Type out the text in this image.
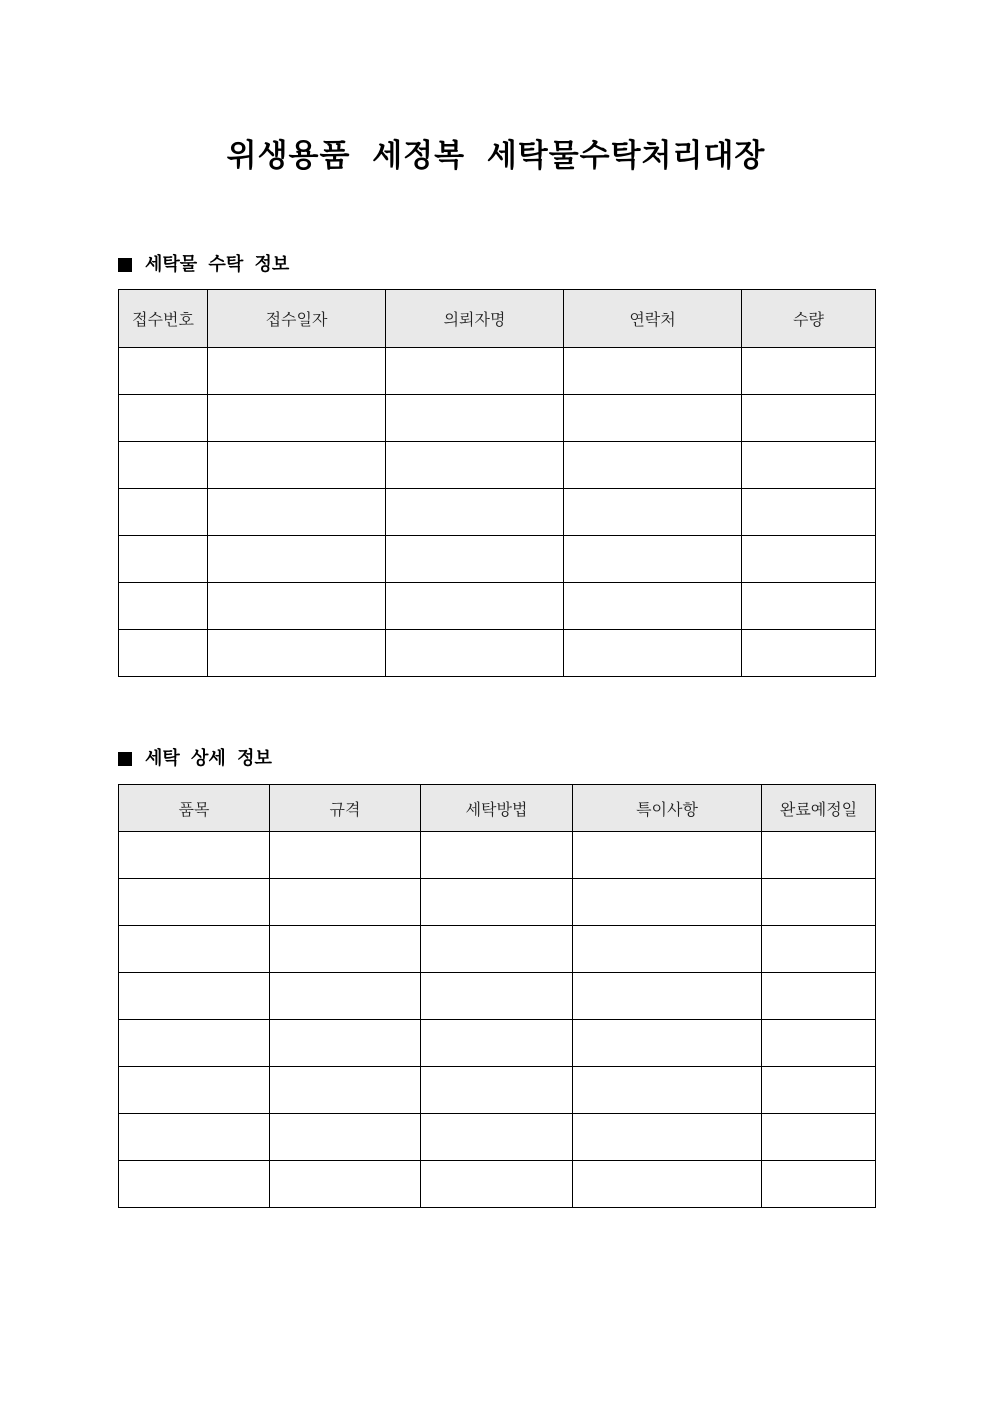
위생용품 세정복 세탁물수탁처리대장
세탁물 수탁 정보
접수번호	접수일자	의뢰자명	연락처	수량

세탁 상세 정보
품목	규격	세탁방법	특이사항	완료예정일
